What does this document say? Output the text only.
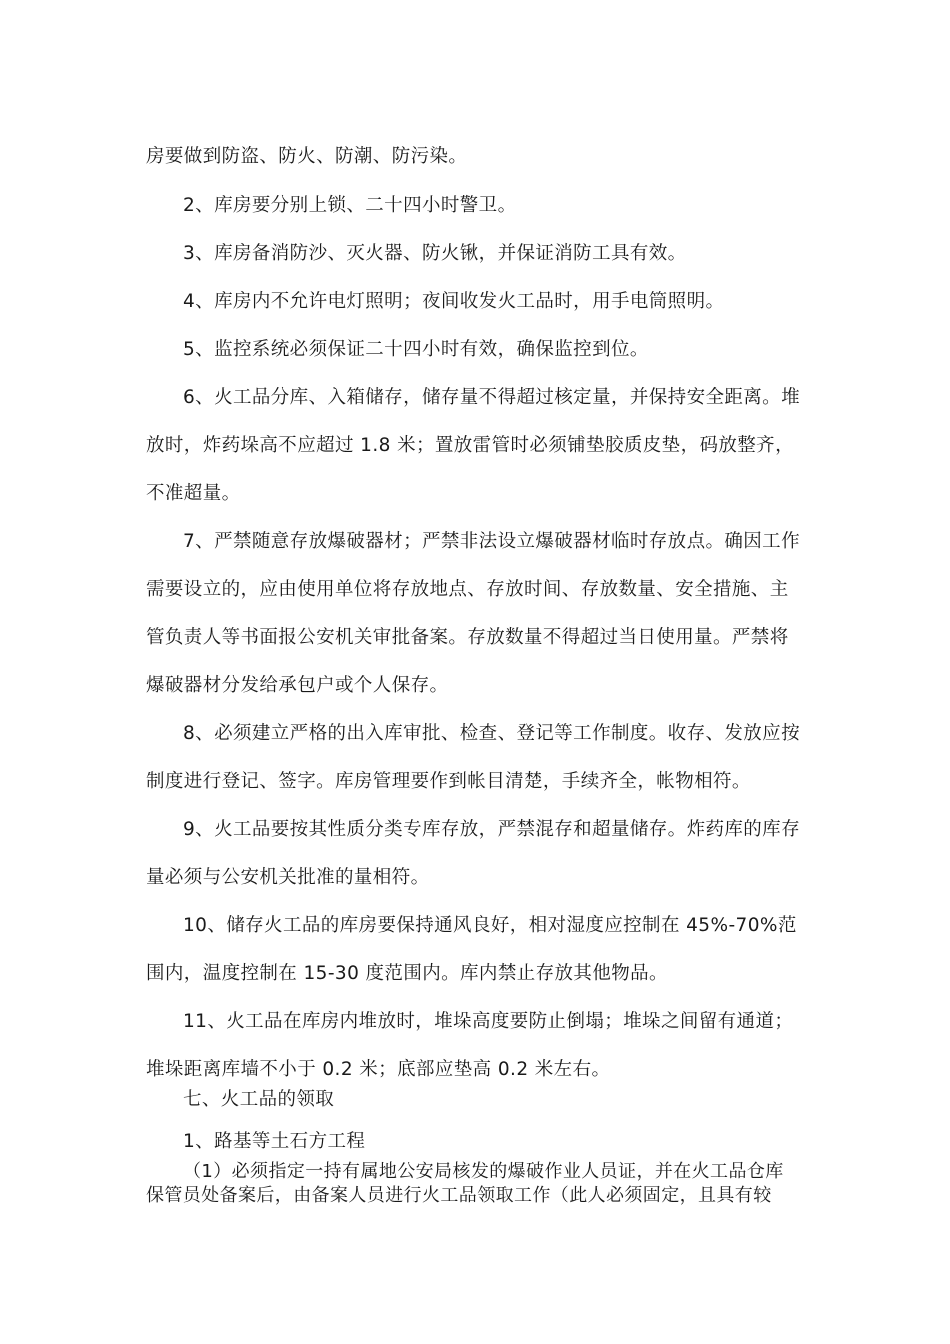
房要做到防盗、防火、防潮、防污染。
2、库房要分别上锁、二十四小时警卫。
3、库房备消防沙、灭火器、防火锹，并保证消防工具有效。
4、库房内不允许电灯照明；夜间收发火工品时，用手电筒照明。
5、监控系统必须保证二十四小时有效，确保监控到位。
6、火工品分库、入箱储存，储存量不得超过核定量，并保持安全距离。堆
放时，炸药垛高不应超过 1.8 米；置放雷管时必须铺垫胶质皮垫，码放整齐，
不准超量。
7、严禁随意存放爆破器材；严禁非法设立爆破器材临时存放点。确因工作
需要设立的，应由使用单位将存放地点、存放时间、存放数量、安全措施、主
管负责人等书面报公安机关审批备案。存放数量不得超过当日使用量。严禁将
爆破器材分发给承包户或个人保存。
8、必须建立严格的出入库审批、检查、登记等工作制度。收存、发放应按
制度进行登记、签字。库房管理要作到帐目清楚，手续齐全，帐物相符。
9、火工品要按其性质分类专库存放，严禁混存和超量储存。炸药库的库存
量必须与公安机关批准的量相符。
10、储存火工品的库房要保持通风良好，相对湿度应控制在 45%-70%范
围内，温度控制在 15-30 度范围内。库内禁止存放其他物品。
11、火工品在库房内堆放时，堆垛高度要防止倒塌；堆垛之间留有通道；
堆垛距离库墙不小于 0.2 米；底部应垫高 0.2 米左右。
七、火工品的领取
1、路基等土石方工程
（1）必须指定一持有属地公安局核发的爆破作业人员证，并在火工品仓库
保管员处备案后，由备案人员进行火工品领取工作（此人必须固定，且具有较
